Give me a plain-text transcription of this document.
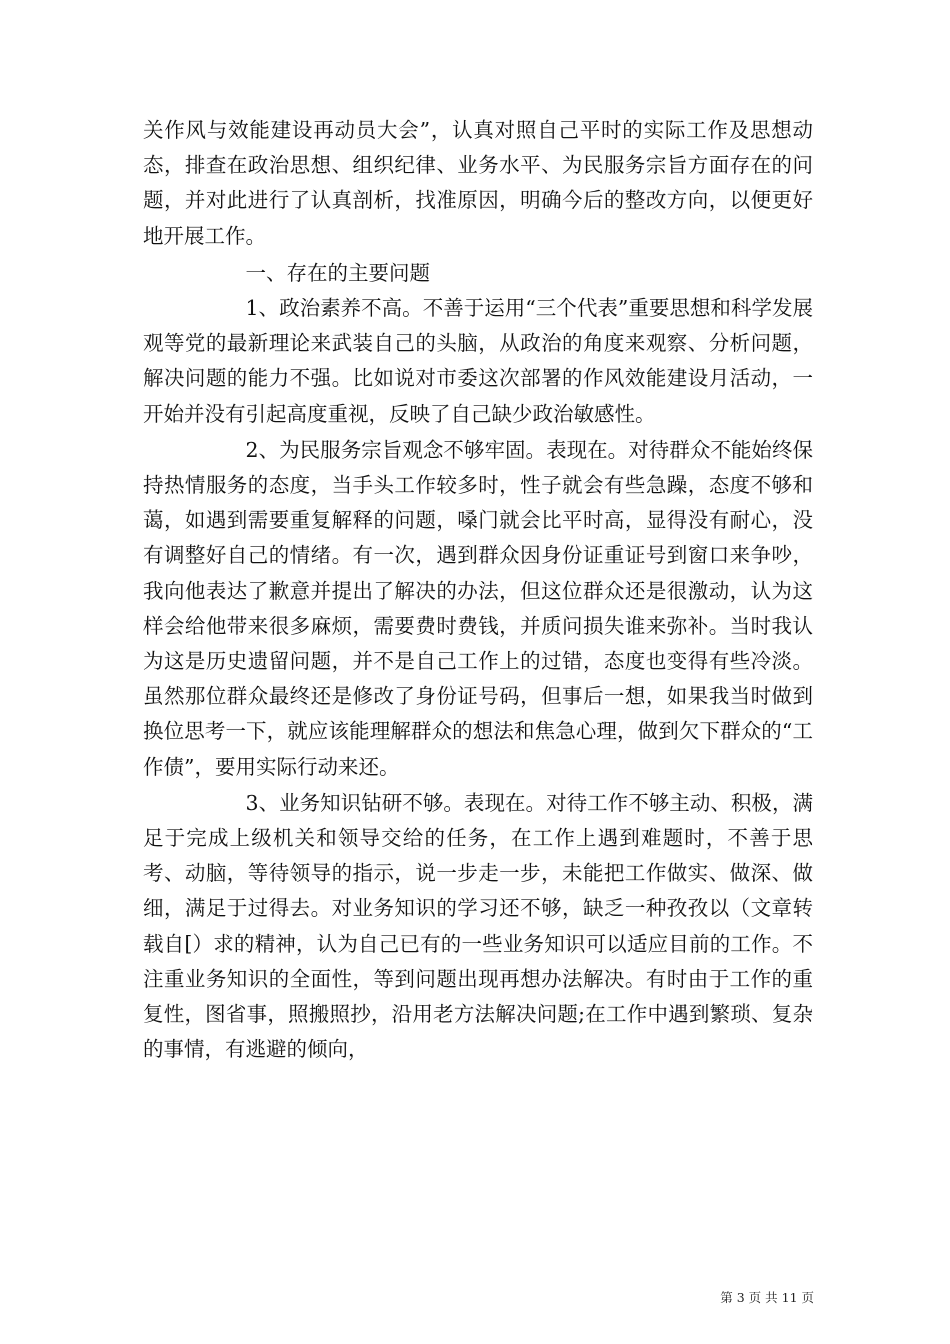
关作风与效能建设再动员大会”，认真对照自己平时的实际工作及思想动态，排查在政治思想、组织纪律、业务水平、为民服务宗旨方面存在的问题，并对此进行了认真剖析，找准原因，明确今后的整改方向，以便更好地开展工作。

一、存在的主要问题

1、政治素养不高。不善于运用“三个代表”重要思想和科学发展观等党的最新理论来武装自己的头脑，从政治的角度来观察、分析问题，解决问题的能力不强。比如说对市委这次部署的作风效能建设月活动，一开始并没有引起高度重视，反映了自己缺少政治敏感性。

2、为民服务宗旨观念不够牢固。表现在。对待群众不能始终保持热情服务的态度，当手头工作较多时，性子就会有些急躁，态度不够和蔼，如遇到需要重复解释的问题，嗓门就会比平时高，显得没有耐心，没有调整好自己的情绪。有一次，遇到群众因身份证重证号到窗口来争吵，我向他表达了歉意并提出了解决的办法，但这位群众还是很激动，认为这样会给他带来很多麻烦，需要费时费钱，并质问损失谁来弥补。当时我认为这是历史遗留问题，并不是自己工作上的过错，态度也变得有些冷淡。虽然那位群众最终还是修改了身份证号码，但事后一想，如果我当时做到换位思考一下，就应该能理解群众的想法和焦急心理，做到欠下群众的“工作债”，要用实际行动来还。

3、业务知识钻研不够。表现在。对待工作不够主动、积极，满足于完成上级机关和领导交给的任务，在工作上遇到难题时，不善于思考、动脑，等待领导的指示，说一步走一步，未能把工作做实、做深、做细，满足于过得去。对业务知识的学习还不够，缺乏一种孜孜以（文章转载自[）求的精神，认为自己已有的一些业务知识可以适应目前的工作。不注重业务知识的全面性，等到问题出现再想办法解决。有时由于工作的重复性，图省事，照搬照抄，沿用老方法解决问题;在工作中遇到繁琐、复杂的事情，有逃避的倾向，

第 3 页 共 11 页
